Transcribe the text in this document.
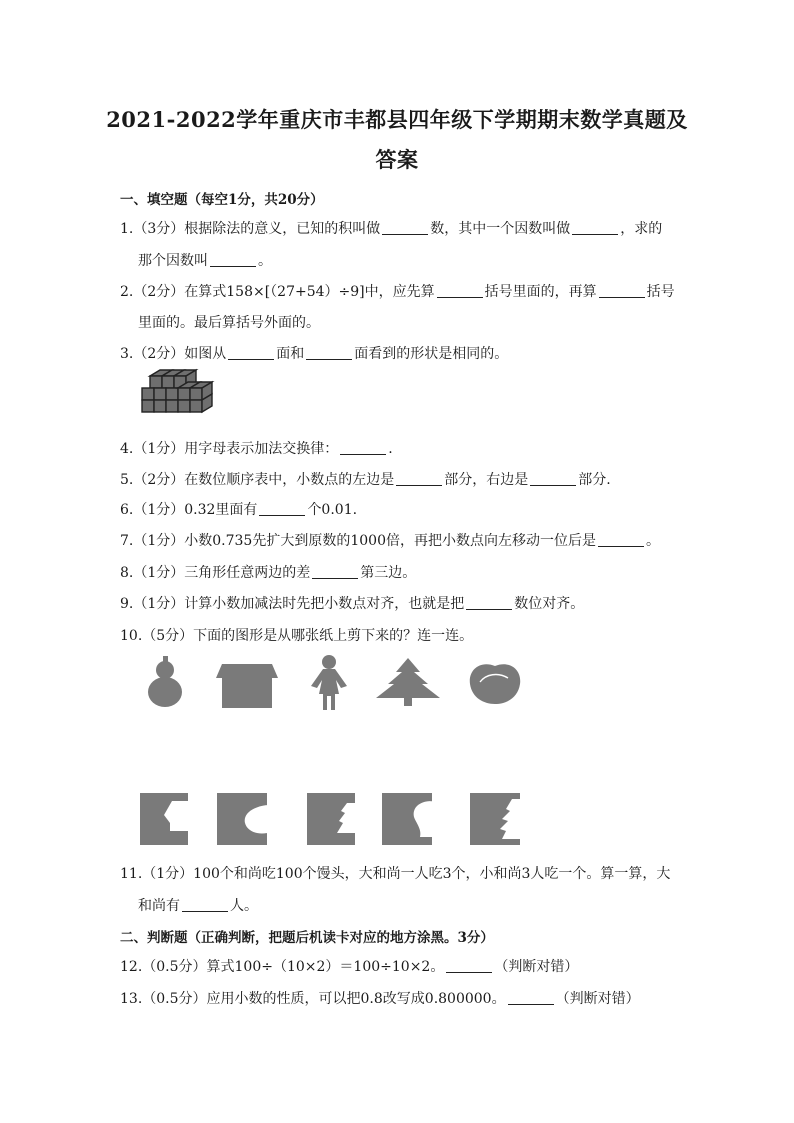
2021-2022学年重庆市丰都县四年级下学期期末数学真题及
答案
一、填空题（每空1分，共20分）
1.（3分）根据除法的意义，已知的积叫做	数，其中一个因数叫做	，求的
那个因数叫	。
2.（2分）在算式158×[（27+54）÷9]中，应先算	括号里面的，再算	括号
里面的。最后算括号外面的。
3.（2分）如图从	面和	面看到的形状是相同的。
4.（1分）用字母表示加法交换律：	.
5.（2分）在数位顺序表中，小数点的左边是	部分，右边是	部分.
6.（1分）0.32里面有	个0.01.
7.（1分）小数0.735先扩大到原数的1000倍，再把小数点向左移动一位后是	。
8.（1分）三角形任意两边的差	第三边。
9.（1分）计算小数加减法时先把小数点对齐，也就是把	数位对齐。
10.（5分）下面的图形是从哪张纸上剪下来的？连一连。
11.（1分）100个和尚吃100个馒头，大和尚一人吃3个，小和尚3人吃一个。算一算，大
和尚有	人。
二、判断题（正确判断，把题后机读卡对应的地方涂黑。3分）
12.（0.5分）算式100÷（10×2）＝100÷10×2。	（判断对错）
13.（0.5分）应用小数的性质，可以把0.8改写成0.800000。	（判断对错）
